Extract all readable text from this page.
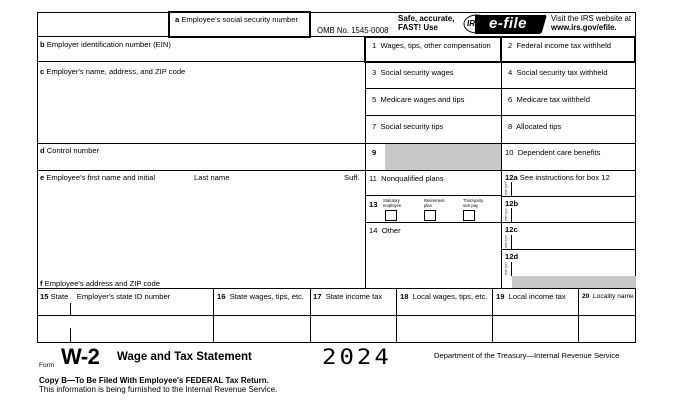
a Employee's social security number
OMB No. 1545-0008
Safe, accurate,
FAST! Use	IRS e-file	Visit the IRS website at
www.irs.gov/efile.
b Employer identification number (EIN)
c Employer's name, address, and ZIP code
d Control number
e Employee's first name and initial	Last name	Suff.
f Employee's address and ZIP code
1 Wages, tips, other compensation 2 Federal income tax withheld
3 Social security wages	4 Social security tax withheld
5 Medicare wages and tips	6 Medicare tax withheld
7 Social security tips	8 Allocated tips
9	10 Dependent care benefits
11 Nonqualified plans
13 Statutory
employee
Retirement
plan
Third-party
sick pay
14 Other
12a See instructions for box 12
C O D E
12b
C O D E
12c
C O D E
12d
C O D E
15 State Employer's state ID number	16 State wages, tips, etc. 17 State income tax 18 Local wages, tips, etc. 19 Local income tax 20 Locality name
Form W-2 Wage and Tax Statement	2024	Department of the Treasury—Internal Revenue Service
Copy B—To Be Filed With Employee's FEDERAL Tax Return.
This information is being furnished to the Internal Revenue Service.
